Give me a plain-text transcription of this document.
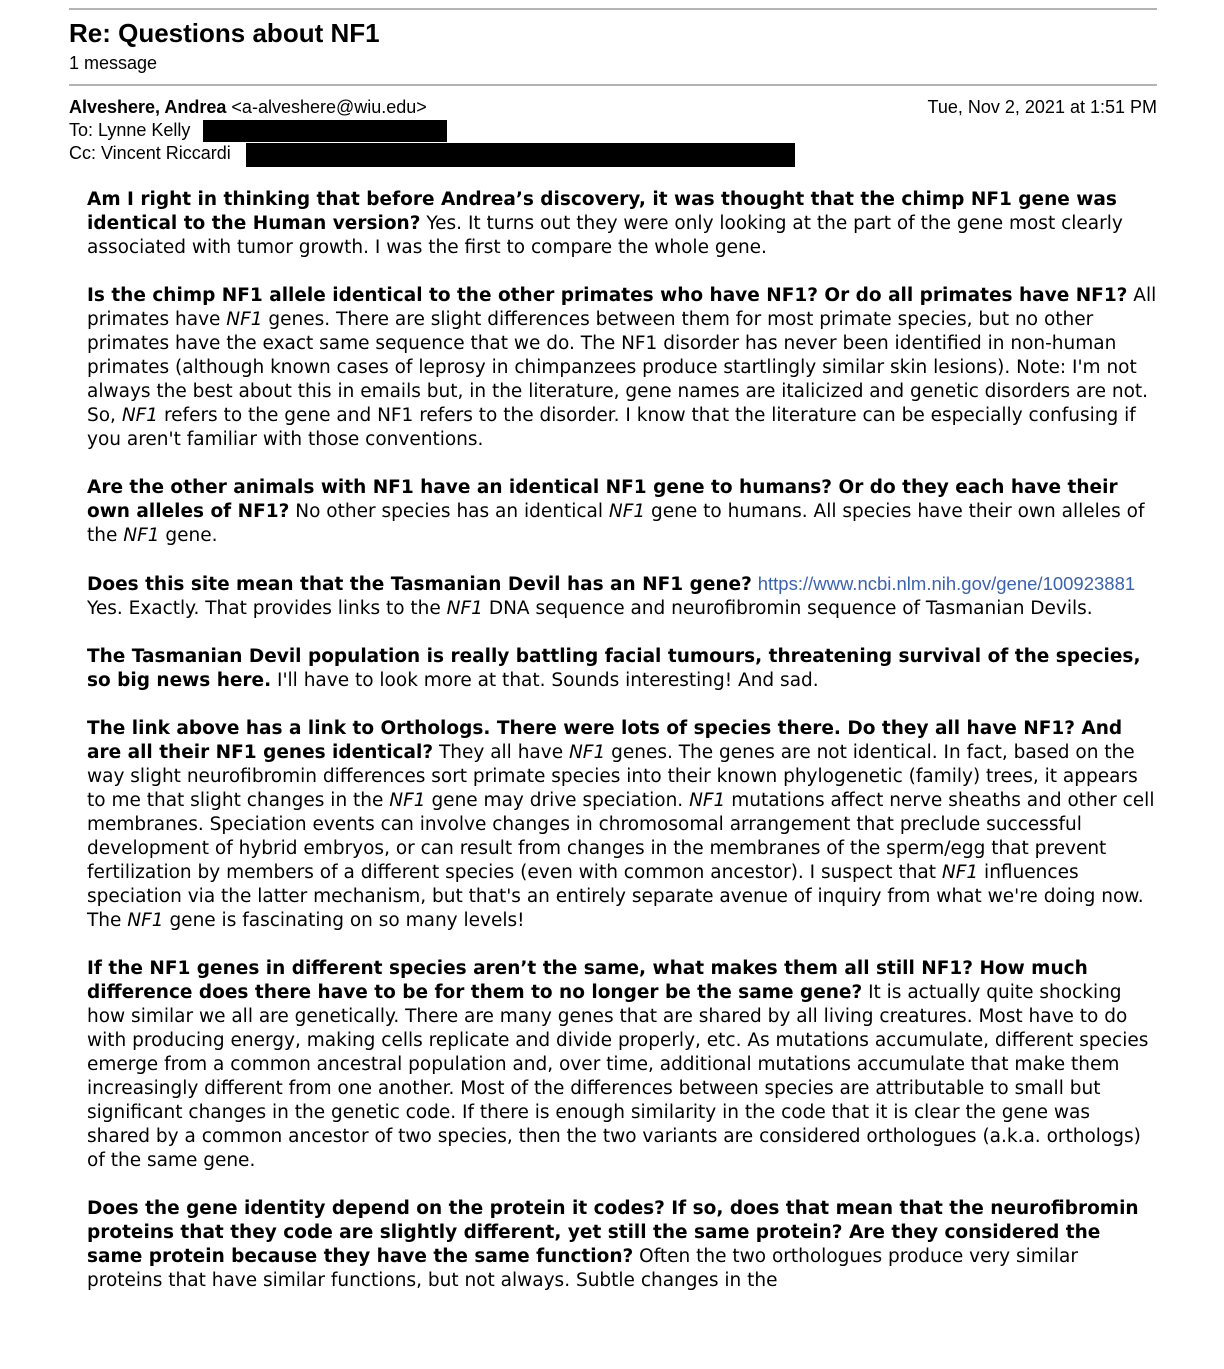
Re: Questions about NF1
1 message
Alveshere, Andrea <a-alveshere@wiu.edu>	Tue, Nov 2, 2021 at 1:51 PM
To: Lynne Kelly
Cc: Vincent Riccardi

Am I right in thinking that before Andrea’s discovery, it was thought that the chimp NF1 gene was identical to the Human version? Yes. It turns out they were only looking at the part of the gene most clearly associated with tumor growth. I was the first to compare the whole gene.

Is the chimp NF1 allele identical to the other primates who have NF1? Or do all primates have NF1? All primates have NF1 genes. There are slight differences between them for most primate species, but no other primates have the exact same sequence that we do. The NF1 disorder has never been identified in non-human primates (although known cases of leprosy in chimpanzees produce startlingly similar skin lesions). Note: I'm not always the best about this in emails but, in the literature, gene names are italicized and genetic disorders are not. So, NF1 refers to the gene and NF1 refers to the disorder. I know that the literature can be especially confusing if you aren't familiar with those conventions.

Are the other animals with NF1 have an identical NF1 gene to humans? Or do they each have their own alleles of NF1? No other species has an identical NF1 gene to humans. All species have their own alleles of the NF1 gene.

Does this site mean that the Tasmanian Devil has an NF1 gene? https://www.ncbi.nlm.nih.gov/gene/100923881 Yes. Exactly. That provides links to the NF1 DNA sequence and neurofibromin sequence of Tasmanian Devils.

The Tasmanian Devil population is really battling facial tumours, threatening survival of the species, so big news here. I'll have to look more at that. Sounds interesting! And sad.

The link above has a link to Orthologs. There were lots of species there. Do they all have NF1? And are all their NF1 genes identical? They all have NF1 genes. The genes are not identical. In fact, based on the way slight neurofibromin differences sort primate species into their known phylogenetic (family) trees, it appears to me that slight changes in the NF1 gene may drive speciation. NF1 mutations affect nerve sheaths and other cell membranes. Speciation events can involve changes in chromosomal arrangement that preclude successful development of hybrid embryos, or can result from changes in the membranes of the sperm/egg that prevent fertilization by members of a different species (even with common ancestor). I suspect that NF1 influences speciation via the latter mechanism, but that's an entirely separate avenue of inquiry from what we're doing now. The NF1 gene is fascinating on so many levels!

If the NF1 genes in different species aren’t the same, what makes them all still NF1? How much difference does there have to be for them to no longer be the same gene? It is actually quite shocking how similar we all are genetically. There are many genes that are shared by all living creatures. Most have to do with producing energy, making cells replicate and divide properly, etc. As mutations accumulate, different species emerge from a common ancestral population and, over time, additional mutations accumulate that make them increasingly different from one another. Most of the differences between species are attributable to small but significant changes in the genetic code. If there is enough similarity in the code that it is clear the gene was shared by a common ancestor of two species, then the two variants are considered orthologues (a.k.a. orthologs) of the same gene.

Does the gene identity depend on the protein it codes? If so, does that mean that the neurofibromin proteins that they code are slightly different, yet still the same protein? Are they considered the same protein because they have the same function? Often the two orthologues produce very similar proteins that have similar functions, but not always. Subtle changes in the
